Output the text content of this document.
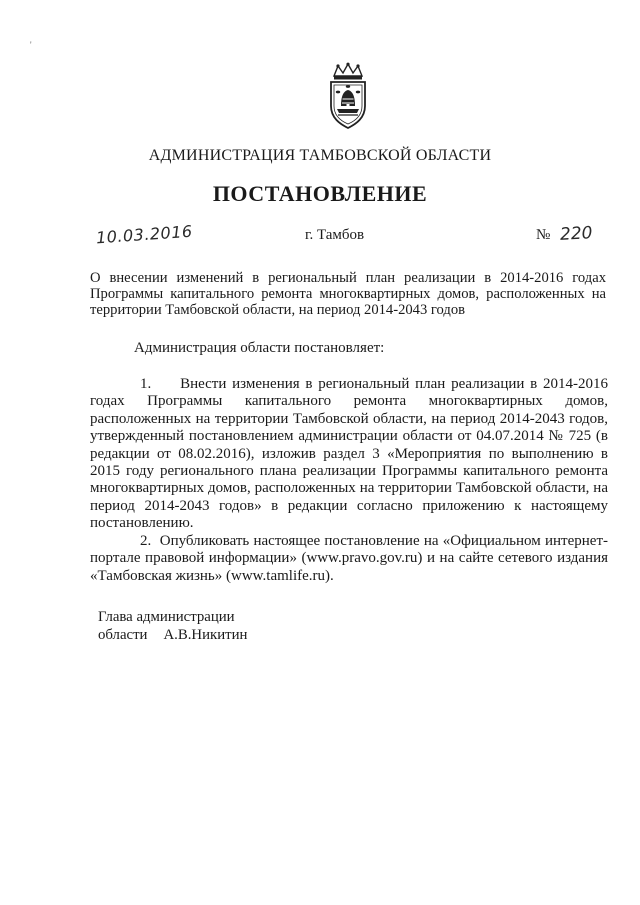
'
АДМИНИСТРАЦИЯ ТАМБОВСКОЙ ОБЛАСТИ
ПОСТАНОВЛЕНИЕ
10.03.2016	г. Тамбов	№ 220
О внесении изменений в региональный план реализации в 2014-2016 годах Программы капитального ремонта многоквартирных домов, расположенных на территории Тамбовской области, на период 2014-2043 годов
Администрация области постановляет:
1. Внести изменения в региональный план реализации в 2014-2016 годах Программы капитального ремонта многоквартирных домов, расположенных на территории Тамбовской области, на период 2014-2043 годов, утвержденный постановлением администрации области от 04.07.2014 № 725 (в редакции от 08.02.2016), изложив раздел 3 «Мероприятия по выполнению в 2015 году регионального плана реализации Программы капитального ремонта многоквартирных домов, расположенных на территории Тамбовской области, на период 2014-2043 годов» в редакции согласно приложению к настоящему постановлению.
2. Опубликовать настоящее постановление на «Официальном интернет-портале правовой информации» (www.pravo.gov.ru) и на сайте сетевого издания «Тамбовская жизнь» (www.tamlife.ru).
Глава администрации
области А.В.Никитин
